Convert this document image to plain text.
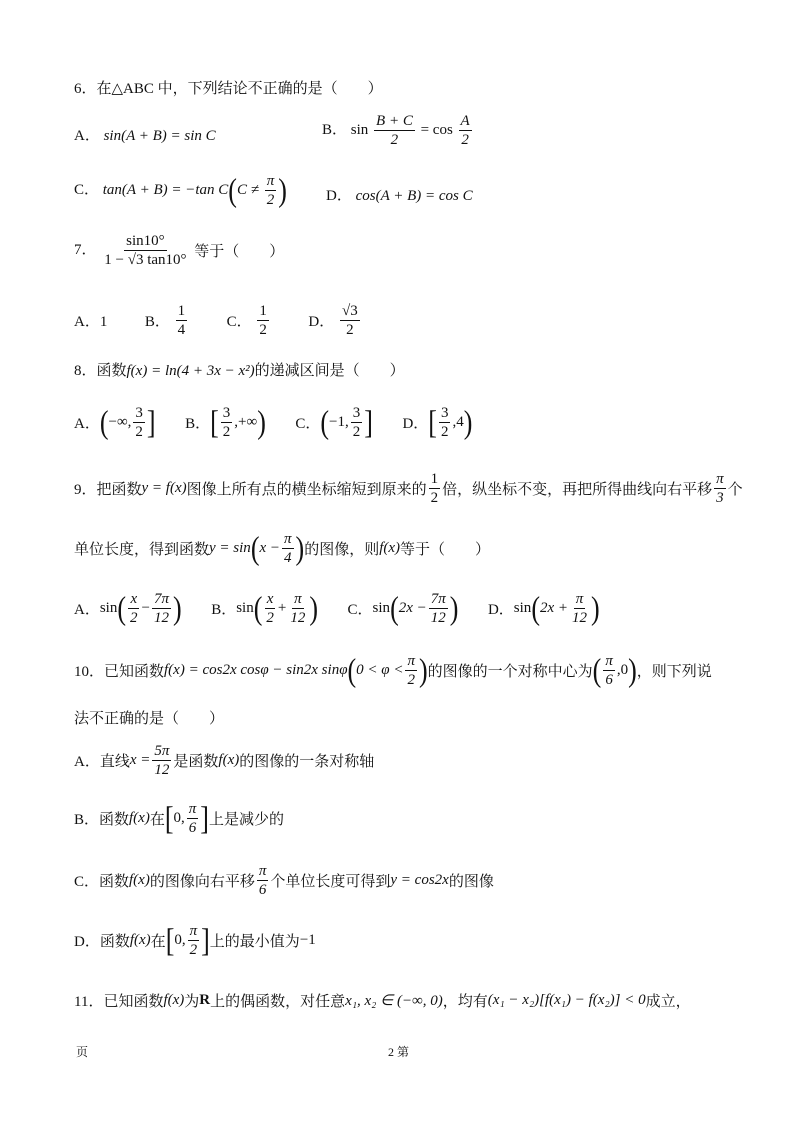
6．在△ABC 中，下列结论不正确的是（　　）
A． sin(A + B) = sin C	B． $\sin \frac{B + C}{2} = \cos \frac{A}{2}$
C． tan(A + B) = −tan $C(C \ne \frac{\pi}{2}$ )	D． cos(A + B) = cos C
7． $\frac{\sin 10^\circ}{1 - √3 \tan 10^\circ}$ 等于（　　）
A．1	B． $\frac{1}{4}$	C． $\frac{1}{2}$	D． $\frac{√3}{2}$
8．函数f(x) = ln(4 + 3x − x²)的递减区间是（　　）
A．(−∞, $\frac{3}{2}$ ] B．[ $\frac{3}{2}$ ,+∞) C．(−1, $\frac{3}{2}$ ] D．[ $\frac{3}{2} ,4$)
9．把函数y = f(x)图像上所有点的横坐标缩短到原来的 $\frac{1}{2}$ 倍，纵坐标不变，再把所得曲线向右平移 $\frac{\pi}{3}$ 个
单位长度，得到函数$y = \sin(x - \frac{\pi}{4}$ )的图像，则f(x)等于（　　）
A．$\sin( \frac{x}{2} - \frac{7\pi}{12}$ ) B．$\sin( \frac{x}{2} + \frac{\pi}{12}$ ) C．$\sin(2x - \frac{7\pi}{12}$ ) D．$\sin(2x + \frac{\pi}{12}$ )
10．已知函数f(x) = cos2x cosφ − sin2x $\sin\varphi(0 < \varphi < \frac{\pi}{2}$ )的图像的一个对称中心为( $\frac{\pi}{6} ,0$)，则下列说
法不正确的是（　　）
A．直线$x = \frac{5\pi}{12}$ 是函数f(x)的图像的一条对称轴
B．函数f(x)在[0, $\frac{\pi}{6}$ ]上是减少的
C．函数f(x)的图像向右平移 $\frac{\pi}{6}$ 个单位长度可得到y = cos2x的图像
D．函数f(x)在[0, $\frac{\pi}{2}$ ]上的最小值为−1
11．已知函数f(x)为R上的偶函数，对任意x₁, x₂ ∈ (−∞, 0)，均有(x₁ − x₂)[f(x₁) − f(x₂)] < 0成立，
页	2 第
